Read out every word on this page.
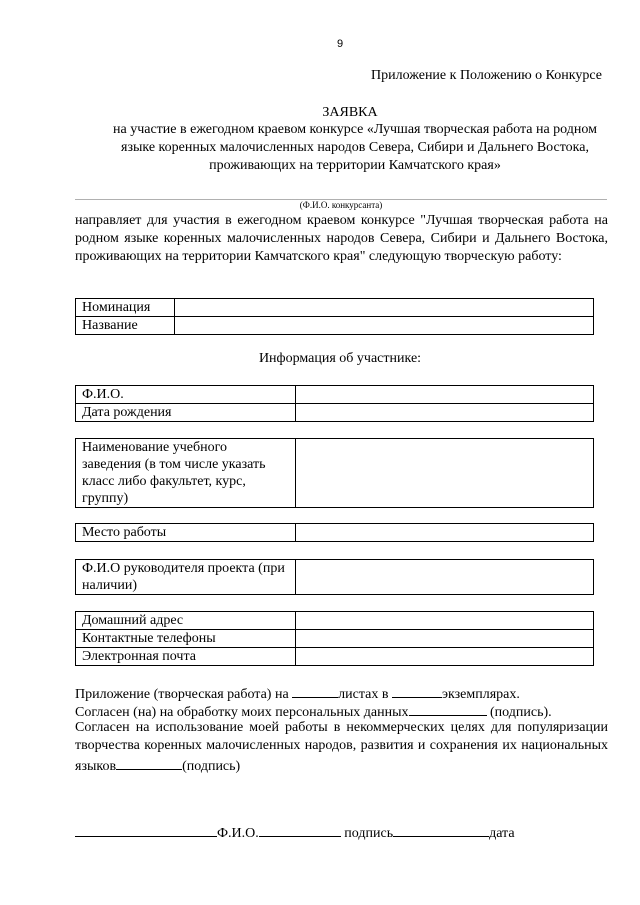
9
Приложение к Положению о Конкурсе
ЗАЯВКА
на участие в ежегодном краевом конкурсе «Лучшая творческая работа на родном
языке коренных малочисленных народов Севера, Сибири и Дальнего Востока,
проживающих на территории Камчатского края»
(Ф.И.О. конкурсанта)
направляет для участия в ежегодном краевом конкурсе "Лучшая творческая работа на родном языке коренных малочисленных народов Севера, Сибири и Дальнего Востока, проживающих на территории Камчатского края" следующую творческую работу:
Номинация	
Название	
Информация об участнике:
Ф.И.О.	
Дата рождения	
Наименование учебного заведения (в том числе указать класс либо факультет, курс, группу)	
Место работы	
Ф.И.О руководителя проекта (при наличии)	
Домашний адрес	
Контактные телефоны	
Электронная почта	
Приложение (творческая работа) на	листах в	экземплярах.
Согласен (на) на обработку моих персональных данных	(подпись).
Согласен на использование моей работы в некоммерческих целях для популяризации творчества коренных малочисленных народов, развития и сохранения их национальных языков	(подпись)
Ф.И.О.	подпись	дата
